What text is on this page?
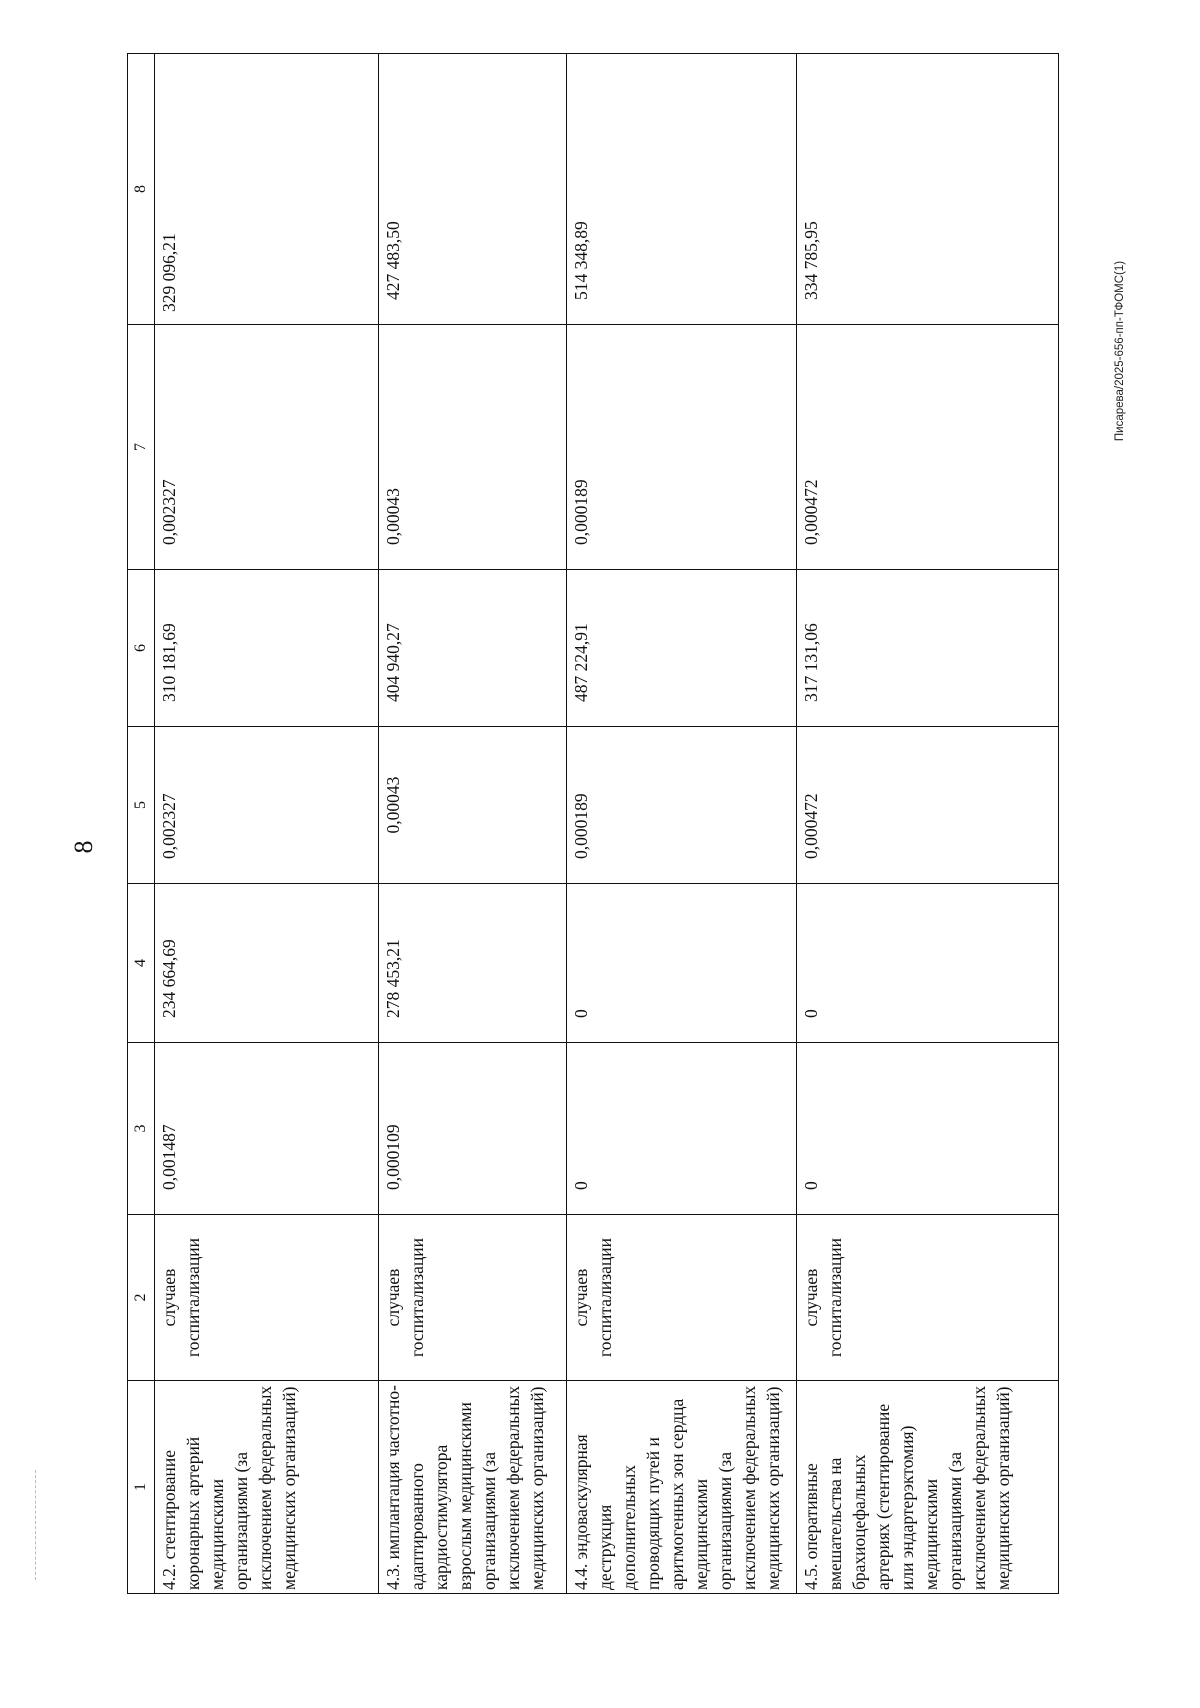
8
Писарева/2025-656-пп-ТФОМС(1)
1	2	3	4	5	6	7	8
4.2. стентирование коронарных артерий медицинскими организациями (за исключением федеральных медицинских организаций)	случаев госпитализации	0,001487	234 664,69	0,002327	310 181,69	0,002327	329 096,21
4.3. имплантация частотно-адаптированного кардиостимулятора взрослым медицинскими организациями (за исключением федеральных медицинских организаций)	случаев госпитализации	0,000109	278 453,21	0,00043	404 940,27	0,00043	427 483,50
4.4. эндоваскулярная деструкция дополнительных проводящих путей и аритмогенных зон сердца медицинскими организациями (за исключением федеральных медицинских организаций)	случаев госпитализации	0	0	0,000189	487 224,91	0,000189	514 348,89
4.5. оперативные вмешательства на брахиоцефальных артериях (стентирование или эндартерэктомия) медицинскими организациями (за исключением федеральных медицинских организаций)	случаев госпитализации	0	0	0,000472	317 131,06	0,000472	334 785,95
